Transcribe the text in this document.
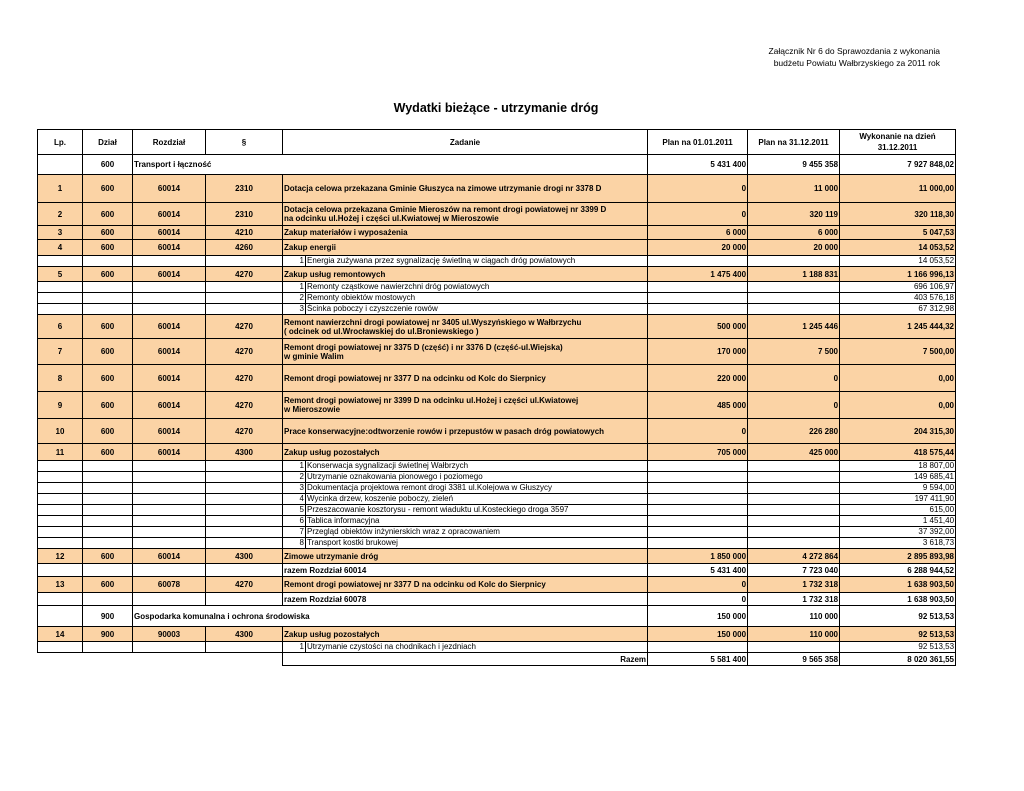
Załącznik Nr 6 do Sprawozdania z wykonania
budżetu Powiatu Wałbrzyskiego za 2011 rok
Wydatki bieżące - utrzymanie dróg
Lp.	Dział	Rozdział	§	Zadanie		Plan na 01.01.2011	Plan na 31.12.2011	Wykonanie na dzień 31.12.2011
	600	Transport i łączność				5 431 400	9 455 358	7 927 848,02
1	600	60014	2310	Dotacja celowa przekazana Gminie Głuszyca na zimowe utrzymanie drogi nr 3378 D		0	11 000	11 000,00
2	600	60014	2310	Dotacja celowa przekazana Gminie Mieroszów na remont drogi powiatowej nr 3399 D
na odcinku ul.Hożej i części ul.Kwiatowej w Mieroszowie		0	320 119	320 118,30
3	600	60014	4210	Zakup materiałów i wyposażenia		6 000	6 000	5 047,53
4	600	60014	4260	Zakup energii		20 000	20 000	14 053,52
				1	Energia zużywana przez sygnalizację świetlną w ciągach dróg powiatowych			14 053,52
5	600	60014	4270	Zakup usług remontowych		1 475 400	1 188 831	1 166 996,13
				1	Remonty cząstkowe nawierzchni dróg powiatowych			696 106,97
				2	Remonty obiektów mostowych			403 576,18
				3	Ścinka poboczy i czyszczenie rowów			67 312,98
6	600	60014	4270	Remont nawierzchni drogi powiatowej nr 3405 ul.Wyszyńskiego w Wałbrzychu
( odcinek od ul.Wrocławskiej do ul.Broniewskiego )		500 000	1 245 446	1 245 444,32
7	600	60014	4270	Remont drogi powiatowej nr 3375 D (część) i nr 3376 D (część-ul.Wiejska)
w gminie Walim		170 000	7 500	7 500,00
8	600	60014	4270	Remont drogi powiatowej nr 3377 D na odcinku od Kolc do Sierpnicy		220 000	0	0,00
9	600	60014	4270	Remont drogi powiatowej nr 3399 D na odcinku ul.Hożej i części ul.Kwiatowej
w Mieroszowie		485 000	0	0,00
10	600	60014	4270	Prace konserwacyjne:odtworzenie rowów i przepustów w pasach dróg powiatowych		0	226 280	204 315,30
11	600	60014	4300	Zakup usług pozostałych		705 000	425 000	418 575,44
				1	Konserwacja sygnalizacji świetlnej Wałbrzych			18 807,00
				2	Utrzymanie oznakowania pionowego i poziomego			149 685,41
				3	Dokumentacja projektowa remont drogi 3381 ul.Kolejowa w Głuszycy			9 594,00
				4	Wycinka drzew, koszenie poboczy, zieleń			197 411,90
				5	Przeszacowanie kosztorysu - remont wiaduktu ul.Kosteckiego droga 3597			615,00
				6	Tablica informacyjna			1 451,40
				7	Przegląd obiektów inżynierskich wraz z opracowaniem			37 392,00
				8	Transport kostki brukowej			3 618,73
12	600	60014	4300	Zimowe utrzymanie dróg		1 850 000	4 272 864	2 895 893,98
				razem Rozdział 60014		5 431 400	7 723 040	6 288 944,52
13	600	60078	4270	Remont drogi powiatowej nr 3377 D na odcinku od Kolc do Sierpnicy		0	1 732 318	1 638 903,50
				razem Rozdział 60078		0	1 732 318	1 638 903,50
	900	Gospodarka komunalna i ochrona środowiska				150 000	110 000	92 513,53
14	900	90003	4300	Zakup usług pozostałych		150 000	110 000	92 513,53
				1	Utrzymanie czystości na chodnikach i jezdniach			92 513,53
				Razem		5 581 400	9 565 358	8 020 361,55
